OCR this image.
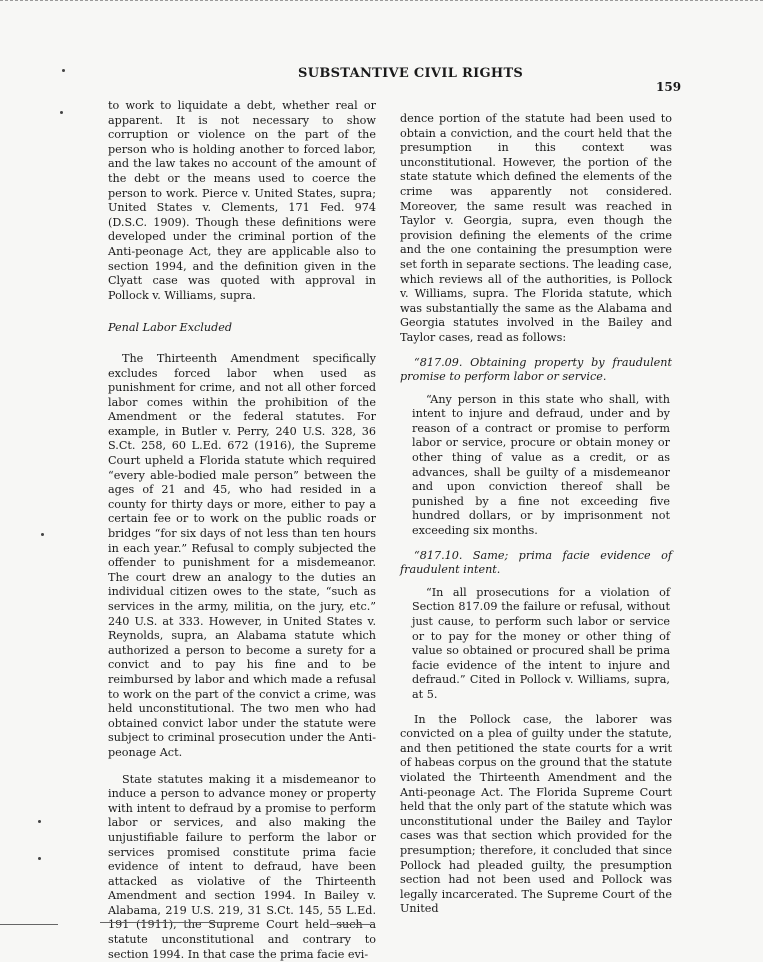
SUBSTANTIVE CIVIL RIGHTS
159

to work to liquidate a debt, whether real or apparent. It is not necessary to show corruption or violence on the part of the person who is holding another to forced labor, and the law takes no account of the amount of the debt or the means used to coerce the person to work. Pierce v. United States, supra; United States v. Clements, 171 Fed. 974 (D.S.C. 1909). Though these definitions were developed under the criminal portion of the Anti-peonage Act, they are applicable also to section 1994, and the definition given in the Clyatt case was quoted with approval in Pollock v. Williams, supra.

Penal Labor Excluded

The Thirteenth Amendment specifically excludes forced labor when used as punishment for crime, and not all other forced labor comes within the prohibition of the Amendment or the federal statutes. For example, in Butler v. Perry, 240 U.S. 328, 36 S.Ct. 258, 60 L.Ed. 672 (1916), the Supreme Court upheld a Florida statute which required “every able-bodied male person” between the ages of 21 and 45, who had resided in a county for thirty days or more, either to pay a certain fee or to work on the public roads or bridges “for six days of not less than ten hours in each year.” Refusal to comply subjected the offender to punishment for a misdemeanor. The court drew an analogy to the duties an individual citizen owes to the state, “such as services in the army, militia, on the jury, etc.” 240 U.S. at 333. However, in United States v. Reynolds, supra, an Alabama statute which authorized a person to become a surety for a convict and to pay his fine and to be reimbursed by labor and which made a refusal to work on the part of the convict a crime, was held unconstitutional. The two men who had obtained convict labor under the statute were subject to criminal prosecution under the Anti-peonage Act.

State statutes making it a misdemeanor to induce a person to advance money or property with intent to defraud by a promise to perform labor or services, and also making the unjustifiable failure to perform the labor or services promised constitute prima facie evidence of intent to defraud, have been attacked as violative of the Thirteenth Amendment and section 1994. In Bailey v. Alabama, 219 U.S. 219, 31 S.Ct. 145, 55 L.Ed. 191 (1911), the Supreme Court held such a statute unconstitutional and contrary to section 1994. In that case the prima facie evi-

dence portion of the statute had been used to obtain a conviction, and the court held that the presumption in this context was unconstitutional. However, the portion of the state statute which defined the elements of the crime was apparently not considered. Moreover, the same result was reached in Taylor v. Georgia, supra, even though the provision defining the elements of the crime and the one containing the presumption were set forth in separate sections. The leading case, which reviews all of the authorities, is Pollock v. Williams, supra. The Florida statute, which was substantially the same as the Alabama and Georgia statutes involved in the Bailey and Taylor cases, read as follows:

“817.09. Obtaining property by fraudulent promise to perform labor or service.

“Any person in this state who shall, with intent to injure and defraud, under and by reason of a contract or promise to perform labor or service, procure or obtain money or other thing of value as a credit, or as advances, shall be guilty of a misdemeanor and upon conviction thereof shall be punished by a fine not exceeding five hundred dollars, or by imprisonment not exceeding six months.

“817.10. Same; prima facie evidence of fraudulent intent.

“In all prosecutions for a violation of Section 817.09 the failure or refusal, without just cause, to perform such labor or service or to pay for the money or other thing of value so obtained or procured shall be prima facie evidence of the intent to injure and defraud.” Cited in Pollock v. Williams, supra, at 5.

In the Pollock case, the laborer was convicted on a plea of guilty under the statute, and then petitioned the state courts for a writ of habeas corpus on the ground that the statute violated the Thirteenth Amendment and the Anti-peonage Act. The Florida Supreme Court held that the only part of the statute which was unconstitutional under the Bailey and Taylor cases was that section which provided for the presumption; therefore, it concluded that since Pollock had pleaded guilty, the presumption section had not been used and Pollock was legally incarcerated. The Supreme Court of the United
